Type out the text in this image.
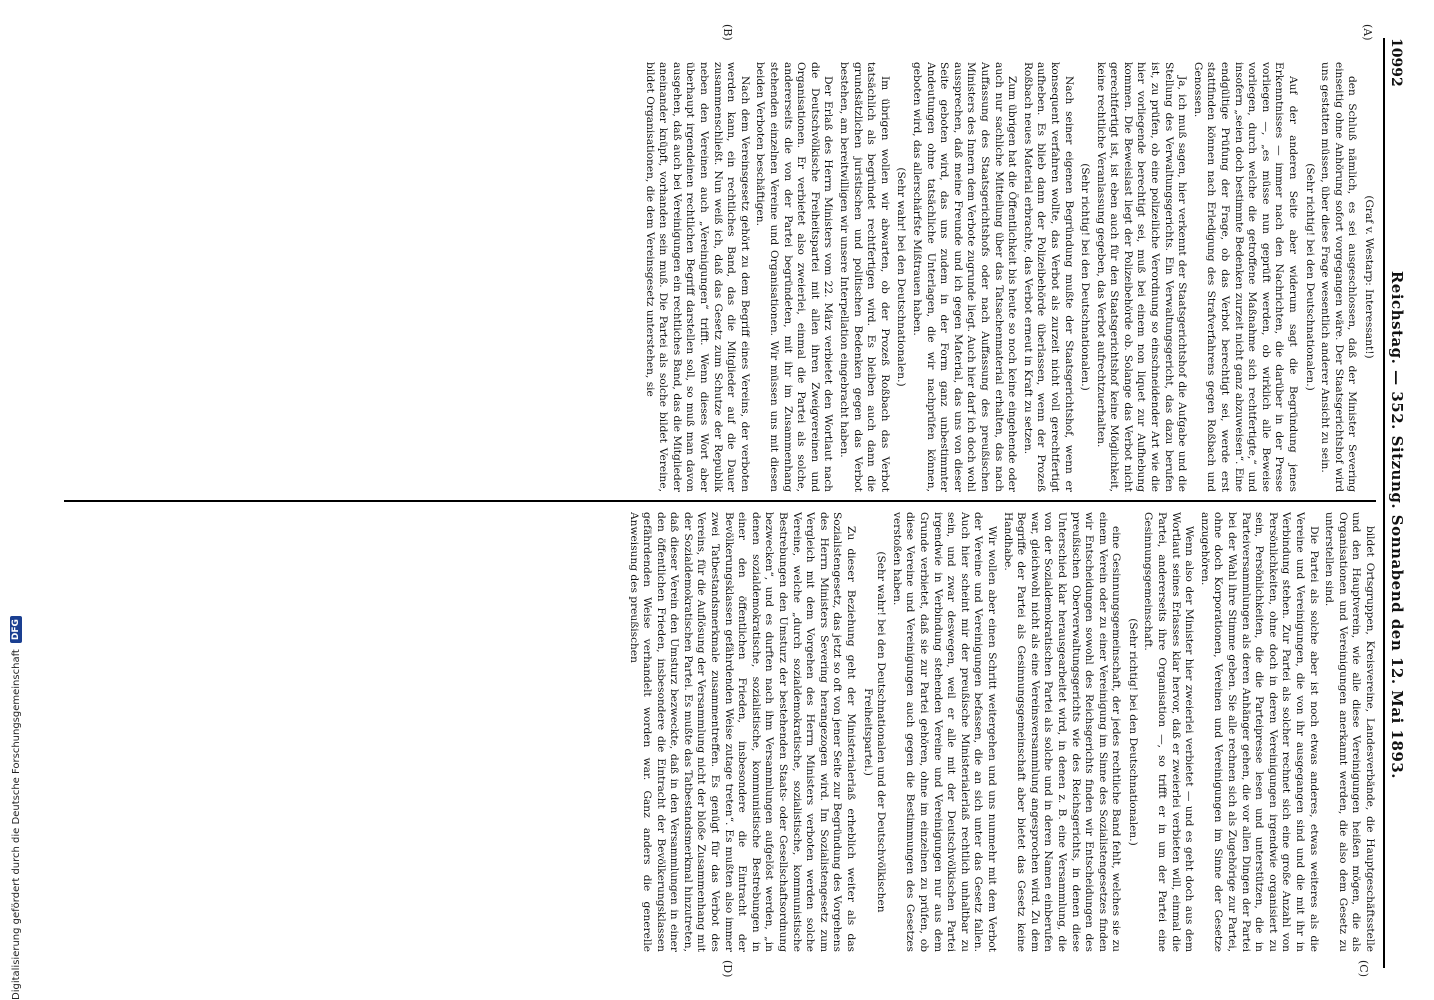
10992
Reichstag. — 352. Sitzung. Sonnabend den 12. Mai 1893.

(A)
(B)
(C)
(D)

(Graf v. Westarp: Interessant!)

den Schluß nämlich, es sei ausgeschlossen, daß der Minister Severing einseitig ohne Anhörung sofort vorgegangen wäre. Der Staatsgerichtshof wird uns gestatten müssen, über diese Frage wesentlich anderer Ansicht zu sein.

(Sehr richtig! bei den Deutschnationalen.)

Auf der anderen Seite aber widerum sagt die Begründung jenes Erkenntnisses — immer nach den Nachrichten, die darüber in der Presse vorliegen —, „es müsse nun geprüft werden, ob wirklich alle Beweise vorliegen, durch welche die getroffene Maßnahme sich rechtfertigte,“ und insofern „seien doch bestimmte Bedenken zurzeit nicht ganz abzuweisen“. Eine endgültige Prüfung der Frage, ob das Verbot berechtigt sei, werde erst stattfinden können nach Erledigung des Strafverfahrens gegen Roßbach und Genossen.

Ja, ich muß sagen, hier verkennt der Staatsgerichtshof die Aufgabe und die Stellung des Verwaltungsgerichts. Ein Verwaltungsgericht, das dazu berufen ist, zu prüfen, ob eine polizeiliche Verordnung so einschneidender Art wie die hier vorliegende berechtigt sei, muß bei einem non liquet zur Aufhebung kommen. Die Beweislast liegt der Polizeibehörde ob. Solange das Verbot nicht gerechtfertigt ist, ist eben auch für den Staatsgerichtshof keine Möglichkeit, keine rechtliche Veranlassung gegeben, das Verbot aufrechtzuerhalten.

(Sehr richtig! bei den Deutschnationalen.)

Nach seiner eigenen Begründung mußte der Staatsgerichtshof, wenn er konsequent verfahren wollte, das Verbot als zurzeit nicht voll gerechtfertigt aufheben. Es blieb dann der Polizeibehörde überlassen, wenn der Prozeß Roßbach neues Material erbrachte, das Verbot erneut in Kraft zu setzen.

Zum übrigen hat die Öffentlichkeit bis heute so noch keine eingehende oder auch nur sachliche Mitteilung über das Tatsachenmaterial erhalten, das nach Auffassung des Staatsgerichtshofs oder nach Auffassung des preußischen Ministers des Innern dem Verbote zugrunde liegt. Auch hier darf ich doch wohl aussprechen, daß meine Freunde und ich gegen Material, das uns von dieser Seite geboten wird, das uns zudem in der Form ganz unbestimmter Andeutungen ohne tatsächliche Unterlagen, die wir nachprüfen können, geboten wird, das allerschärfste Mißtrauen haben.

(Sehr wahr! bei den Deutschnationalen.)

Im übrigen wollen wir abwarten, ob der Prozeß Roßbach das Verbot tatsächlich als begründet rechtfertigen wird. Es bleiben auch dann die grundsätzlichen juristischen und politischen Bedenken gegen das Verbot bestehen, am bereitwilligen wir unsere Interpellation eingebracht haben.

Der Erlaß des Herrn Ministers vom 22. März verbietet den Wortlaut nach die Deutschvölkische Freiheitspartei mit allen ihren Zweigvereinen und Organisationen. Er verbietet also zweierlei, einmal die Partei als solche, andererseits die von der Partei begründeten, mit ihr im Zusammenhang stehenden einzelnen Vereine und Organisationen. Wir müssen uns mit diesen beiden Verboten beschäftigen.

Nach dem Vereinsgesetz gehört zu dem Begriff eines Vereins, der verboten werden kann, ein rechtliches Band, das die Mitglieder auf die Dauer zusammenschließt. Nun weiß ich, daß das Gesetz zum Schutze der Republik neben den Vereinen auch „Vereinigungen“ trifft. Wenn dieses Wort aber überhaupt irgendeinen rechtlichen Begriff darstellen soll, so muß man davon ausgehen, daß auch bei Vereinigungen ein rechtliches Band, das die Mitglieder aneinander knüpft, vorhanden sein muß. Die Partei als solche bildet Vereine, bildet Organisationen, die dem Vereinsgesetz unterstehen, sie

bildet Ortsgruppen, Kreisvereine, Landesverbände, die Hauptgeschäftsstelle und den Hauptverein, wie alle diese Vereinigungen heißen mögen, die als Organisationen und Vereinigungen anerkannt werden, die also dem Gesetz zu unterstellen sind.

Die Partei als solche aber ist noch etwas anderes, etwas weiteres als die Vereine und Vereinigungen, die von ihr ausgegangen sind und die mit ihr in Verbindung stehen. Zur Partei als solcher rechnet sich eine große Anzahl von Persönlichkeiten, ohne doch in deren Vereinigungen irgendwie organisiert zu sein, Persönlichkeiten, die die Parteipresse lesen und unterstützen, die in Parteiversammlungen als deren Anhänger gehen, die vor allen Dingen der Partei bei der Wahl ihre Stimme geben. Sie alle rechnen sich als Zugehörige zur Partei, ohne doch Korporationen, Vereinen und Vereinigungen im Sinne der Gesetze anzugehören.

Wenn also der Minister hier zweierlei verbietet — und es geht doch aus dem Wortlaut seines Erlasses klar hervor, daß er zweierlei verbieten will, einmal die Partei, andererseits ihre Organisation —, so trifft er in um der Partei eine Gesinnungsgemeinschaft.

(Sehr richtig! bei den Deutschnationalen.)

eine Gesinnungsgemeinschaft, der jedes rechtliche Band fehlt, welches sie zu einem Verein oder zu einer Vereinigung im Sinne des Sozialistengesetzes finden wir Entscheidungen sowohl des Reichsgerichts finden wir Entscheidungen des preußischen Oberverwaltungsgerichts wie des Reichsgerichts, in denen diese Unterschied klar herausgearbeitet wird, in denen z. B. eine Versammlung, die von der Sozialdemokratischen Partei als solche und in deren Namen einberufen war, gleichwohl nicht als eine Vereinsversammlung angesprochen wird. Zu dem Begriffe der Partei als Gesinnungsgemeinschaft aber bietet das Gesetz keine Handhabe.

Wir wollen aber einen Schritt weitergehen und uns nunmehr mit dem Verbot der Vereine und Vereinigungen befassen, die an sich unter das Gesetz fallen. Auch hier scheint mir der preußische Ministerialerlaß rechtlich unhaltbar zu sein, und zwar deswegen, weil er alle mit der Deutschvölkischen Partei irgendwie in Verbindung stehenden Vereine und Vereinigungen nur aus dem Grunde verbietet, daß sie zur Partei gehören, ohne im einzelnen zu prüfen, ob diese Vereine und Vereinigungen auch gegen die Bestimmungen des Gesetzes verstoßen haben.

(Sehr wahr! bei den Deutschnationalen und der Deutschvölkischen Freiheitspartei.)

Zu dieser Beziehung geht der Ministerialerlaß erheblich weiter als das Sozialistengesetz, das jetzt so oft von jener Seite zur Begründung des Vorgehens des Herrn Ministers Severing herangezogen wird. Im Sozialistengesetz zum Vergleich mit dem Vorgehen des Herrn Ministers verboten werden solche Vereine, welche „durch sozialdemokratische, sozialistische, kommunistische Bestrebungen den Umsturz der bestehenden Staats- oder Gesellschaftsordnung bezwecken“, und es durften nach ihm Versammlungen aufgelöst werden, „in denen sozialdemokratische, sozialistische, kommunistische Bestrebungen in einer den öffentlichen Frieden, insbesondere die Eintracht der Bevölkerungsklassen gefährdenden Weise zutage treten“. Es mußten also immer zwei Tatbestandsmerkmale zusammentreffen. Es genügt für das Verbot des Vereins, für die Auflösung der Versammlung nicht der bloße Zusammenhang mit der Sozialdemokratischen Partei. Es mußte das Tatbestandsmerkmal hinzutreten, daß dieser Verein den Umsturz bezweckte, daß in den Versammlungen in einer den öffentlichen Frieden, insbesondere die Eintracht der Bevölkerungsklassen gefährdenden Weise verhandelt worden war. Ganz anders die generelle Anweisung des preußischen

Digitalisierung gefördert durch die Deutsche Forschungsgemeinschaft
DFG
